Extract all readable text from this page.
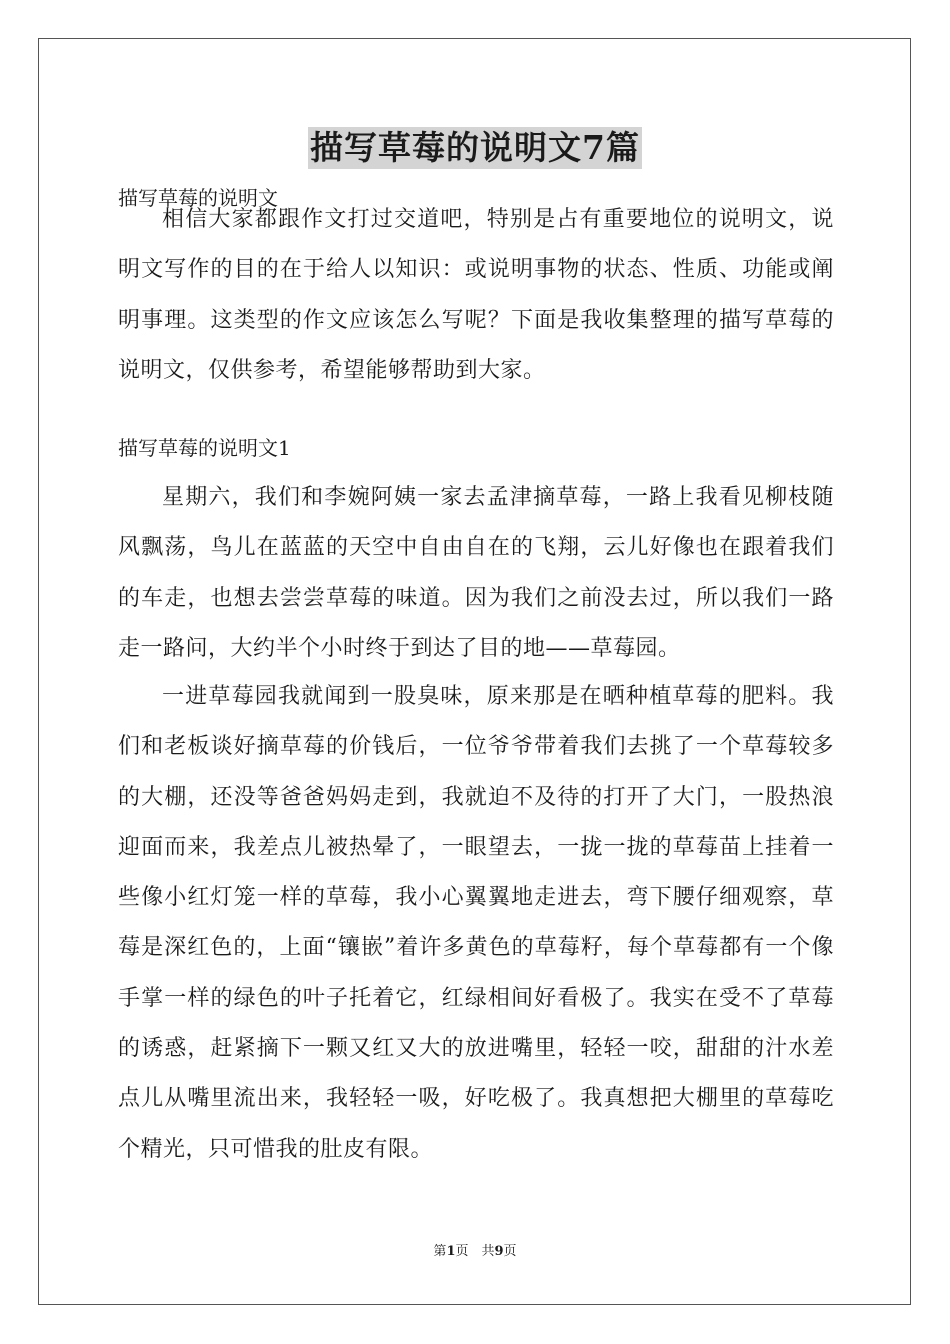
描写草莓的说明文7篇
描写草莓的说明文

相信大家都跟作文打过交道吧，特别是占有重要地位的说明文，说明文写作的目的在于给人以知识：或说明事物的状态、性质、功能或阐明事理。这类型的作文应该怎么写呢？下面是我收集整理的描写草莓的说明文，仅供参考，希望能够帮助到大家。

描写草莓的说明文1

星期六，我们和李婉阿姨一家去孟津摘草莓，一路上我看见柳枝随风飘荡，鸟儿在蓝蓝的天空中自由自在的飞翔，云儿好像也在跟着我们的车走，也想去尝尝草莓的味道。因为我们之前没去过，所以我们一路走一路问，大约半个小时终于到达了目的地——草莓园。

一进草莓园我就闻到一股臭味，原来那是在晒种植草莓的肥料。我们和老板谈好摘草莓的价钱后，一位爷爷带着我们去挑了一个草莓较多的大棚，还没等爸爸妈妈走到，我就迫不及待的打开了大门，一股热浪迎面而来，我差点儿被热晕了，一眼望去，一拢一拢的草莓苗上挂着一些像小红灯笼一样的草莓，我小心翼翼地走进去，弯下腰仔细观察，草莓是深红色的，上面“镶嵌”着许多黄色的草莓籽，每个草莓都有一个像手掌一样的绿色的叶子托着它，红绿相间好看极了。我实在受不了草莓的诱惑，赶紧摘下一颗又红又大的放进嘴里，轻轻一咬，甜甜的汁水差点儿从嘴里流出来，我轻轻一吸，好吃极了。我真想把大棚里的草莓吃个精光，只可惜我的肚皮有限。

第1页　共9页
